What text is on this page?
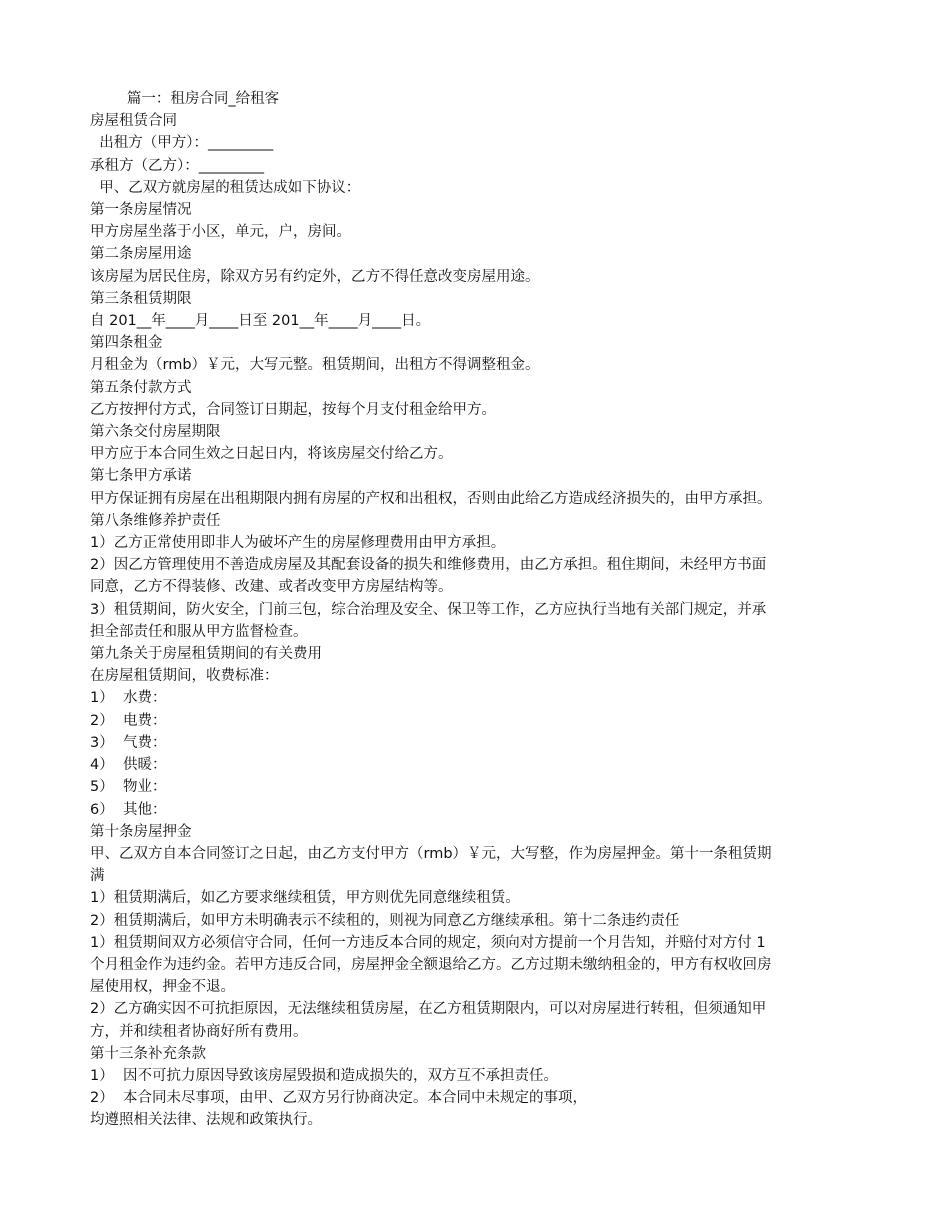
篇一：租房合同_给租客

房屋租赁合同

出租方（甲方）：_________

承租方（乙方）：_________

甲、乙双方就房屋的租赁达成如下协议：

第一条房屋情况

甲方房屋坐落于小区，单元，户，房间。

第二条房屋用途

该房屋为居民住房，除双方另有约定外，乙方不得任意改变房屋用途。

第三条租赁期限

自 201__年____月____日至 201__年____月____日。

第四条租金

月租金为（rmb）￥元，大写元整。租赁期间，出租方不得调整租金。

第五条付款方式

乙方按押付方式，合同签订日期起，按每个月支付租金给甲方。

第六条交付房屋期限

甲方应于本合同生效之日起日内，将该房屋交付给乙方。

第七条甲方承诺

甲方保证拥有房屋在出租期限内拥有房屋的产权和出租权，否则由此给乙方造成经济损失的，由甲方承担。

第八条维修养护责任

1）乙方正常使用即非人为破坏产生的房屋修理费用由甲方承担。

2）因乙方管理使用不善造成房屋及其配套设备的损失和维修费用，由乙方承担。租住期间，未经甲方书面

同意，乙方不得装修、改建、或者改变甲方房屋结构等。

3）租赁期间，防火安全，门前三包，综合治理及安全、保卫等工作，乙方应执行当地有关部门规定，并承

担全部责任和服从甲方监督检查。

第九条关于房屋租赁期间的有关费用

在房屋租赁期间，收费标准：

1）  水费：

2）  电费：

3）  气费：

4）  供暖：

5）  物业：

6）  其他：

第十条房屋押金

甲、乙双方自本合同签订之日起，由乙方支付甲方（rmb）￥元，大写整，作为房屋押金。第十一条租赁期

满

1）租赁期满后，如乙方要求继续租赁，甲方则优先同意继续租赁。

2）租赁期满后，如甲方未明确表示不续租的，则视为同意乙方继续承租。第十二条违约责任

1）租赁期间双方必须信守合同，任何一方违反本合同的规定，须向对方提前一个月告知，并赔付对方付 1

个月租金作为违约金。若甲方违反合同，房屋押金全额退给乙方。乙方过期未缴纳租金的，甲方有权收回房

屋使用权，押金不退。

2）乙方确实因不可抗拒原因，无法继续租赁房屋，在乙方租赁期限内，可以对房屋进行转租，但须通知甲

方，并和续租者协商好所有费用。

第十三条补充条款

1）  因不可抗力原因导致该房屋毁损和造成损失的，双方互不承担责任。

2）  本合同未尽事项，由甲、乙双方另行协商决定。本合同中未规定的事项，

均遵照相关法律、法规和政策执行。
